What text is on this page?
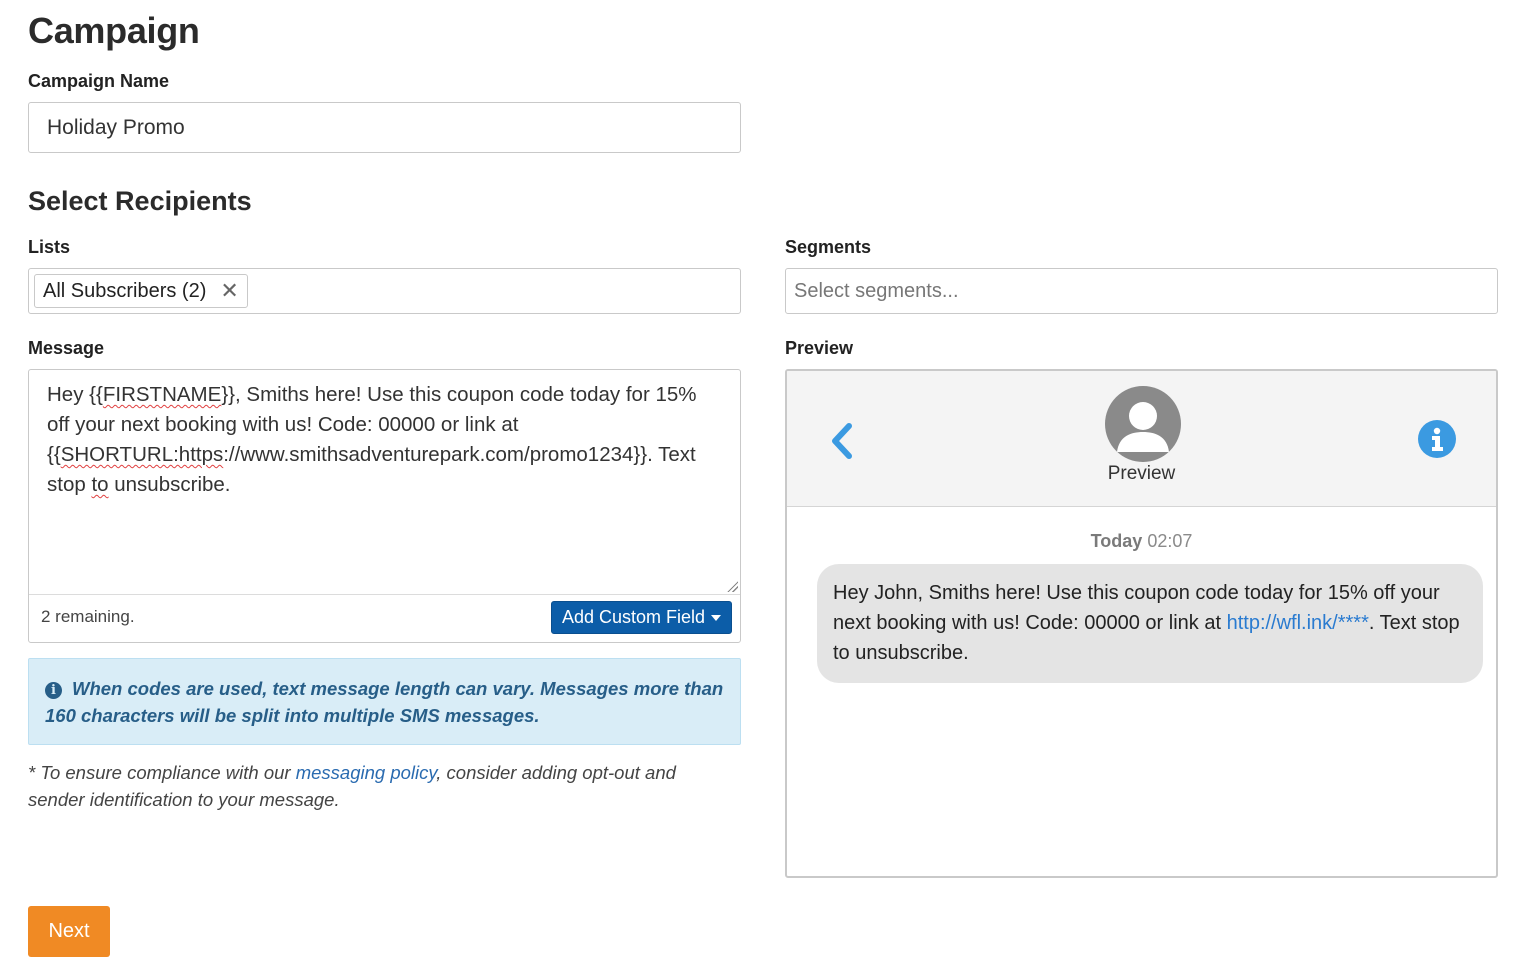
Campaign
Campaign Name
Holiday Promo
Select Recipients
Lists
All Subscribers (2) ✕
Segments
Select segments...
Message
Hey {{FIRSTNAME}}, Smiths here! Use this coupon code today for 15% off your next booking with us! Code: 00000 or link at {{SHORTURL:https://www.smithsadventurepark.com/promo1234}}. Text stop to unsubscribe.
2 remaining.	Add Custom Field
i When codes are used, text message length can vary. Messages more than 160 characters will be split into multiple SMS messages.
* To ensure compliance with our messaging policy, consider adding opt-out and sender identification to your message.
Preview
Preview
Today 02:07
Hey John, Smiths here! Use this coupon code today for 15% off your next booking with us! Code: 00000 or link at http://wfl.ink/****. Text stop to unsubscribe.
Next
